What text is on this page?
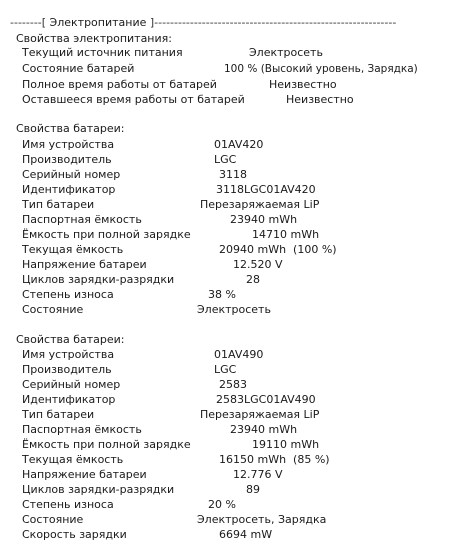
--------[ Электропитание ]-------------------------------------------------------------

Свойства электропитания:
Текущий источник питания	Электросеть
Состояние батарей	100 % (Высокий уровень, Зарядка)
Полное время работы от батарей	Неизвестно
Оставшееся время работы от батарей	Неизвестно
Свойства батареи:
Имя устройства	01AV420
Производитель	LGC
Серийный номер	3118
Идентификатор	3118LGC01AV420
Тип батареи	Перезаряжаемая LiP
Паспортная ёмкость	23940 mWh
Ёмкость при полной зарядке	14710 mWh
Текущая ёмкость	20940 mWh  (100 %)
Напряжение батареи	12.520 V
Циклов зарядки-разрядки	28
Степень износа	38 %
Состояние	Электросеть
Свойства батареи:
Имя устройства	01AV490
Производитель	LGC
Серийный номер	2583
Идентификатор	2583LGC01AV490
Тип батареи	Перезаряжаемая LiP
Паспортная ёмкость	23940 mWh
Ёмкость при полной зарядке	19110 mWh
Текущая ёмкость	16150 mWh  (85 %)
Напряжение батареи	12.776 V
Циклов зарядки-разрядки	89
Степень износа	20 %
Состояние	Электросеть, Зарядка
Скорость зарядки	6694 mW
